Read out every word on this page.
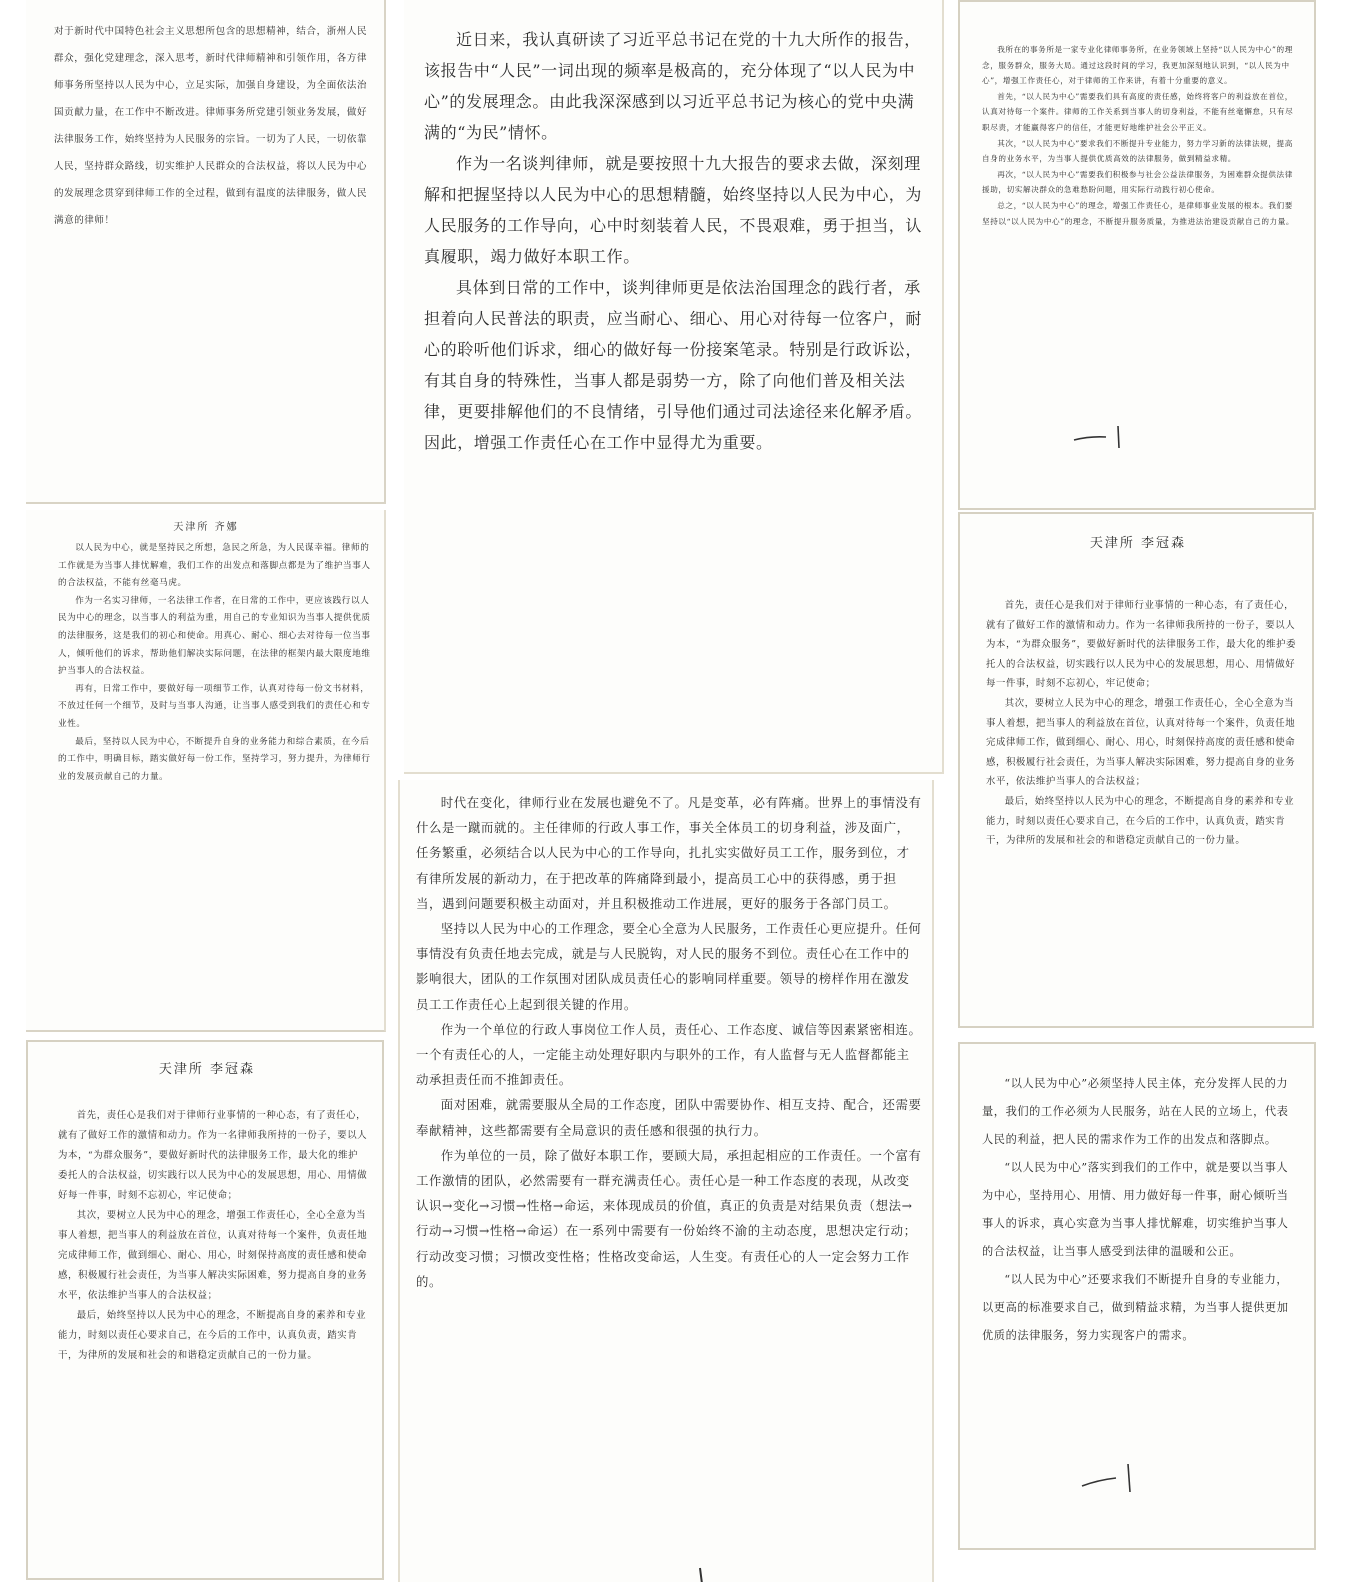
对于新时代中国特色社会主义思想所包含的思想精神，结合，浙州人民群众，强化党建理念，深入思考，新时代律师精神和引领作用，各方律师事务所坚持以人民为中心，立足实际，加强自身建设，为全面依法治国贡献力量，在工作中不断改进。律师事务所党建引领业务发展，做好法律服务工作，始终坚持为人民服务的宗旨。一切为了人民，一切依靠人民，坚持群众路线，切实维护人民群众的合法权益，将以人民为中心的发展理念贯穿到律师工作的全过程，做到有温度的法律服务，做人民满意的律师！

近日来，我认真研读了习近平总书记在党的十九大所作的报告，该报告中“人民”一词出现的频率是极高的，充分体现了“以人民为中心”的发展理念。由此我深深感到以习近平总书记为核心的党中央满满的“为民”情怀。

作为一名谈判律师，就是要按照十九大报告的要求去做，深刻理解和把握坚持以人民为中心的思想精髓，始终坚持以人民为中心，为人民服务的工作导向，心中时刻装着人民，不畏艰难，勇于担当，认真履职，竭力做好本职工作。

具体到日常的工作中，谈判律师更是依法治国理念的践行者，承担着向人民普法的职责，应当耐心、细心、用心对待每一位客户，耐心的聆听他们诉求，细心的做好每一份接案笔录。特别是行政诉讼，有其自身的特殊性，当事人都是弱势一方，除了向他们普及相关法律，更要排解他们的不良情绪，引导他们通过司法途径来化解矛盾。因此，增强工作责任心在工作中显得尤为重要。

我所在的事务所是一家专业化律师事务所，在业务领域上坚持“以人民为中心”的理念，服务群众，服务大局。通过这段时间的学习，我更加深刻地认识到，“以人民为中心”，增强工作责任心，对于律师的工作来讲，有着十分重要的意义。

首先，“以人民为中心”需要我们具有高度的责任感，始终将客户的利益放在首位，认真对待每一个案件。律师的工作关系到当事人的切身利益，不能有丝毫懈怠，只有尽职尽责，才能赢得客户的信任，才能更好地维护社会公平正义。

其次，“以人民为中心”要求我们不断提升专业能力，努力学习新的法律法规，提高自身的业务水平，为当事人提供优质高效的法律服务，做到精益求精。

再次，“以人民为中心”需要我们积极参与社会公益法律服务，为困难群众提供法律援助，切实解决群众的急难愁盼问题，用实际行动践行初心使命。

总之，“以人民为中心”的理念，增强工作责任心，是律师事业发展的根本。我们要坚持以“以人民为中心”的理念，不断提升服务质量，为推进法治建设贡献自己的力量。

天津所 齐娜

以人民为中心，就是坚持民之所想，急民之所急，为人民谋幸福。律师的工作就是为当事人排忧解难，我们工作的出发点和落脚点都是为了维护当事人的合法权益，不能有丝毫马虎。

作为一名实习律师，一名法律工作者，在日常的工作中，更应该践行以人民为中心的理念，以当事人的利益为重，用自己的专业知识为当事人提供优质的法律服务，这是我们的初心和使命。用真心、耐心、细心去对待每一位当事人，倾听他们的诉求，帮助他们解决实际问题，在法律的框架内最大限度地维护当事人的合法权益。

再有，日常工作中，要做好每一项细节工作，认真对待每一份文书材料，不放过任何一个细节，及时与当事人沟通，让当事人感受到我们的责任心和专业性。

最后，坚持以人民为中心，不断提升自身的业务能力和综合素质，在今后的工作中，明确目标，踏实做好每一份工作，坚持学习，努力提升，为律师行业的发展贡献自己的力量。

时代在变化，律师行业在发展也避免不了。凡是变革，必有阵痛。世界上的事情没有什么是一蹴而就的。主任律师的行政人事工作，事关全体员工的切身利益，涉及面广，任务繁重，必须结合以人民为中心的工作导向，扎扎实实做好员工工作，服务到位，才有律所发展的新动力，在于把改革的阵痛降到最小，提高员工心中的获得感，勇于担当，遇到问题要积极主动面对，并且积极推动工作进展，更好的服务于各部门员工。

坚持以人民为中心的工作理念，要全心全意为人民服务，工作责任心更应提升。任何事情没有负责任地去完成，就是与人民脱钩，对人民的服务不到位。责任心在工作中的影响很大，团队的工作氛围对团队成员责任心的影响同样重要。领导的榜样作用在激发员工工作责任心上起到很关键的作用。

作为一个单位的行政人事岗位工作人员，责任心、工作态度、诚信等因素紧密相连。一个有责任心的人，一定能主动处理好职内与职外的工作，有人监督与无人监督都能主动承担责任而不推卸责任。

面对困难，就需要服从全局的工作态度，团队中需要协作、相互支持、配合，还需要奉献精神，这些都需要有全局意识的责任感和很强的执行力。

作为单位的一员，除了做好本职工作，要顾大局，承担起相应的工作责任。一个富有工作激情的团队，必然需要有一群充满责任心。责任心是一种工作态度的表现，从改变认识→变化→习惯→性格→命运，来体现成员的价值，真正的负责是对结果负责（想法→行动→习惯→性格→命运）在一系列中需要有一份始终不渝的主动态度，思想决定行动；行动改变习惯；习惯改变性格；性格改变命运，人生变。有责任心的人一定会努力工作的。

天津所 李冠森

首先，责任心是我们对于律师行业事情的一种心态，有了责任心，就有了做好工作的激情和动力。作为一名律师我所持的一份子，要以人为本，“为群众服务”，要做好新时代的法律服务工作，最大化的维护委托人的合法权益，切实践行以人民为中心的发展思想，用心、用情做好每一件事，时刻不忘初心，牢记使命；

其次，要树立人民为中心的理念，增强工作责任心，全心全意为当事人着想，把当事人的利益放在首位，认真对待每一个案件，负责任地完成律师工作，做到细心、耐心、用心，时刻保持高度的责任感和使命感，积极履行社会责任，为当事人解决实际困难，努力提高自身的业务水平，依法维护当事人的合法权益；

最后，始终坚持以人民为中心的理念，不断提高自身的素养和专业能力，时刻以责任心要求自己，在今后的工作中，认真负责，踏实肯干，为律所的发展和社会的和谐稳定贡献自己的一份力量。

天津所 李冠森

首先，责任心是我们对于律师行业事情的一种心态，有了责任心，就有了做好工作的激情和动力。作为一名律师我所持的一份子，要以人为本，“为群众服务”，要做好新时代的法律服务工作，最大化的维护委托人的合法权益，切实践行以人民为中心的发展思想，用心、用情做好每一件事，时刻不忘初心，牢记使命；

其次，要树立人民为中心的理念，增强工作责任心，全心全意为当事人着想，把当事人的利益放在首位，认真对待每一个案件，负责任地完成律师工作，做到细心、耐心、用心，时刻保持高度的责任感和使命感，积极履行社会责任，为当事人解决实际困难，努力提高自身的业务水平，依法维护当事人的合法权益；

最后，始终坚持以人民为中心的理念，不断提高自身的素养和专业能力，时刻以责任心要求自己，在今后的工作中，认真负责，踏实肯干，为律所的发展和社会的和谐稳定贡献自己的一份力量。

“以人民为中心”必须坚持人民主体，充分发挥人民的力量，我们的工作必须为人民服务，站在人民的立场上，代表人民的利益，把人民的需求作为工作的出发点和落脚点。

“以人民为中心”落实到我们的工作中，就是要以当事人为中心，坚持用心、用情、用力做好每一件事，耐心倾听当事人的诉求，真心实意为当事人排忧解难，切实维护当事人的合法权益，让当事人感受到法律的温暖和公正。

“以人民为中心”还要求我们不断提升自身的专业能力，以更高的标准要求自己，做到精益求精，为当事人提供更加优质的法律服务，努力实现客户的需求。
